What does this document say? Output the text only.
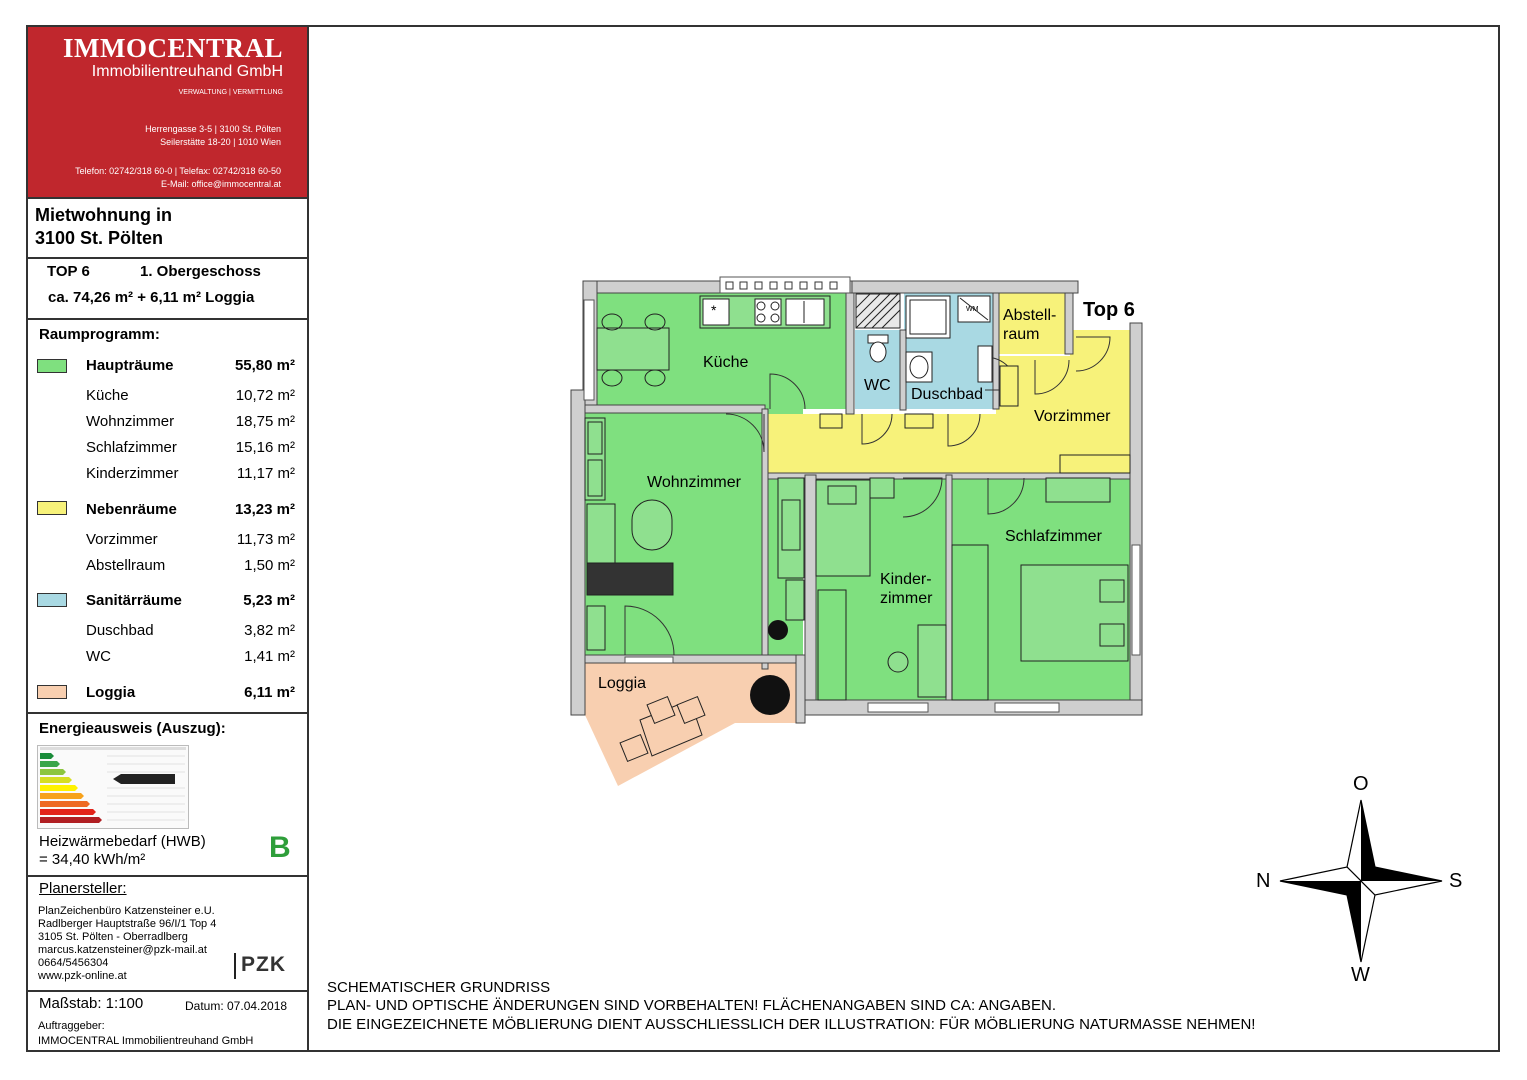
IMMOCENTRAL
Immobilientreuhand GmbH
VERWALTUNG | VERMITTLUNG
Herrengasse 3-5 | 3100 St. Pölten
Seilerstätte 18-20 | 1010 Wien
Telefon: 02742/318 60-0 | Telefax: 02742/318 60-50
E-Mail: office@immocentral.at
Mietwohnung in
3100 St. Pölten
TOP 6	1. Obergeschoss
ca. 74,26 m² + 6,11 m² Loggia
Raumprogramm:
Haupträume	55,80 m²
Küche	10,72 m²
Wohnzimmer	18,75 m²
Schlafzimmer	15,16 m²
Kinderzimmer	11,17 m²
Nebenräume	13,23 m²
Vorzimmer	11,73 m²
Abstellraum	1,50 m²
Sanitärräume	5,23 m²
Duschbad	3,82 m²
WC	1,41 m²
Loggia	6,11 m²
Energieausweis (Auszug):
Heizwärmebedarf (HWB)
= 34,40 kWh/m²	B
Planersteller:
PlanZeichenbüro Katzensteiner e.U.
Radlberger Hauptstraße 96/I/1 Top 4
3105 St. Pölten - Oberradlberg
marcus.katzensteiner@pzk-mail.at
0664/5456304
www.pzk-online.at	PZK
Maßstab: 1:100	Datum: 07.04.2018
Auftraggeber:
IMMOCENTRAL Immobilientreuhand GmbH
*	WM
Küche
Wohnzimmer
WC
Duschbad
Abstell-
raum
Vorzimmer
Kinder-
zimmer
Schlafzimmer
Loggia
Top 6
O
N	S
W
SCHEMATISCHER GRUNDRISS
PLAN- UND OPTISCHE ÄNDERUNGEN SIND VORBEHALTEN! FLÄCHENANGABEN SIND CA: ANGABEN.
DIE EINGEZEICHNETE MÖBLIERUNG DIENT AUSSCHLIESSLICH DER ILLUSTRATION: FÜR MÖBLIERUNG NATURMASSE NEHMEN!
